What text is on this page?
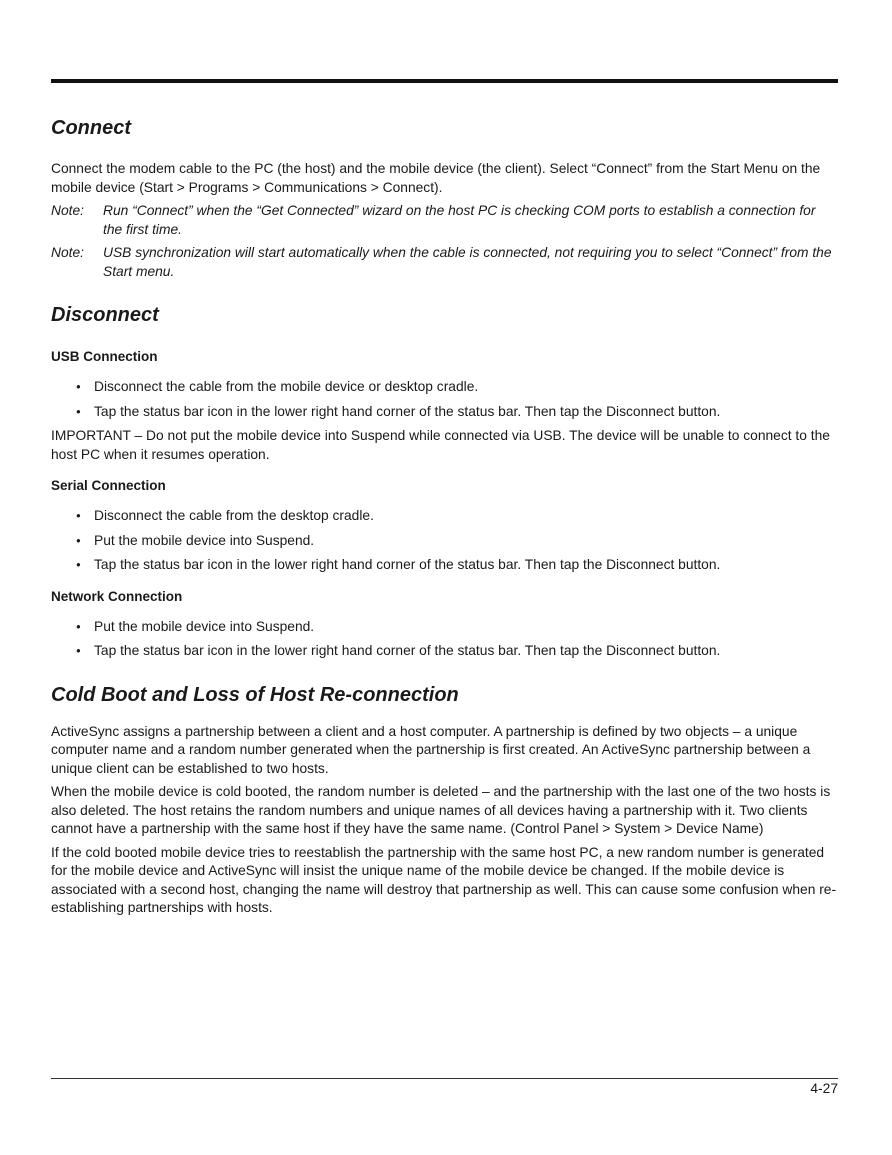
Connect

Connect the modem cable to the PC (the host) and the mobile device (the client). Select “Connect” from the Start Menu on the mobile device (Start > Programs > Communications > Connect).

Note: Run “Connect” when the “Get Connected” wizard on the host PC is checking COM ports to establish a connection for the first time.
Note: USB synchronization will start automatically when the cable is connected, not requiring you to select “Connect” from the Start menu.
Disconnect
USB Connection
● Disconnect the cable from the mobile device or desktop cradle.
● Tap the status bar icon in the lower right hand corner of the status bar. Then tap the Disconnect button.

IMPORTANT – Do not put the mobile device into Suspend while connected via USB. The device will be unable to connect to the host PC when it resumes operation.

Serial Connection
● Disconnect the cable from the desktop cradle.
● Put the mobile device into Suspend.
● Tap the status bar icon in the lower right hand corner of the status bar. Then tap the Disconnect button.
Network Connection
● Put the mobile device into Suspend.
● Tap the status bar icon in the lower right hand corner of the status bar. Then tap the Disconnect button.
Cold Boot and Loss of Host Re-connection

ActiveSync assigns a partnership between a client and a host computer. A partnership is defined by two objects – a unique computer name and a random number generated when the partnership is first created. An ActiveSync partnership between a unique client can be established to two hosts.

When the mobile device is cold booted, the random number is deleted – and the partnership with the last one of the two hosts is also deleted. The host retains the random numbers and unique names of all devices having a partnership with it. Two clients cannot have a partnership with the same host if they have the same name. (Control Panel > System > Device Name)

If the cold booted mobile device tries to reestablish the partnership with the same host PC, a new random number is generated for the mobile device and ActiveSync will insist the unique name of the mobile device be changed. If the mobile device is associated with a second host, changing the name will destroy that partnership as well. This can cause some confusion when re-establishing partnerships with hosts.

4-27
